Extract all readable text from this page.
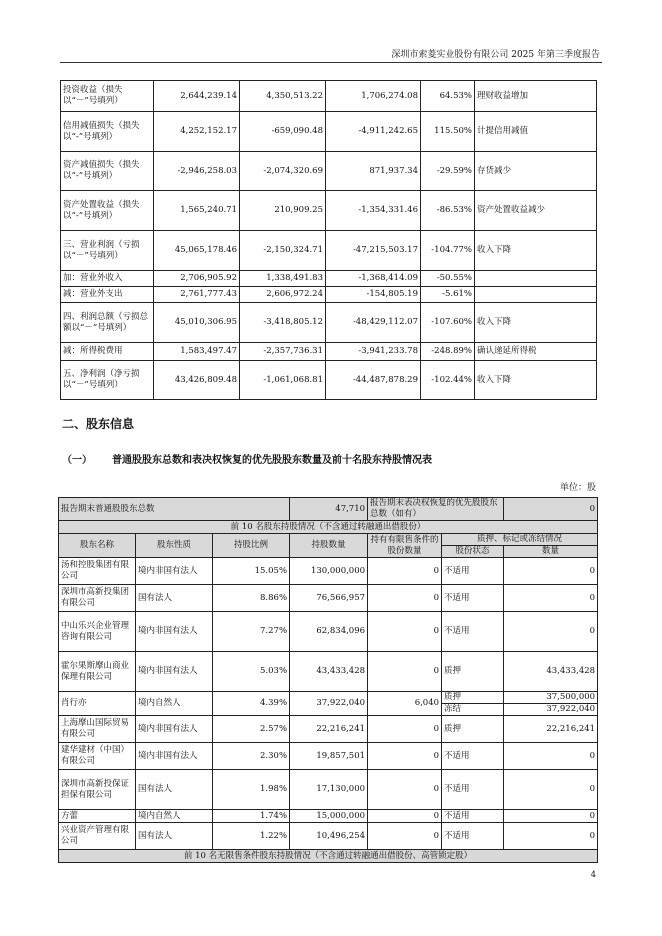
深圳市索菱实业股份有限公司 2025 年第三季度报告
投资收益（损失以“－”号填列）	2,644,239.14	4,350,513.22	1,706,274.08	64.53%	理财收益增加
信用减值损失（损失以“-”号填列）	4,252,152.17	-659,090.48	-4,911,242.65	115.50%	计提信用减值
资产减值损失（损失以“-”号填列）	-2,946,258.03	-2,074,320.69	871,937.34	-29.59%	存货减少
资产处置收益（损失以“-”号填列）	1,565,240.71	210,909.25	-1,354,331.46	-86.53%	资产处置收益减少
三、营业利润（亏损以“－”号填列）	45,065,178.46	-2,150,324.71	-47,215,503.17	-104.77%	收入下降
加：营业外收入	2,706,905.92	1,338,491.83	-1,368,414.09	-50.55%	
减：营业外支出	2,761,777.43	2,606,972.24	-154,805.19	-5.61%	
四、利润总额（亏损总额以“－”号填列）	45,010,306.95	-3,418,805.12	-48,429,112.07	-107.60%	收入下降
减：所得税费用	1,583,497.47	-2,357,736.31	-3,941,233.78	-248.89%	确认递延所得税
五、净利润（净亏损以“－”号填列）	43,426,809.48	-1,061,068.81	-44,487,878.29	-102.44%	收入下降
二、股东信息
（一） 普通股股东总数和表决权恢复的优先股股东数量及前十名股东持股情况表
单位：股
报告期末普通股股东总数			47,710	报告期末表决权恢复的优先股股东总数（如有）		0
前 10 名股东持股情况（不含通过转融通出借股份）						
股东名称	股东性质	持股比例	持股数量	持有有限售条件的股份数量	质押、标记或冻结情况	
					股份状态	数量
汤和控股集团有限公司	境内非国有法人	15.05%	130,000,000	0	不适用	0
深圳市高新投集团有限公司	国有法人	8.86%	76,566,957	0	不适用	0
中山乐兴企业管理咨询有限公司	境内非国有法人	7.27%	62,834,096	0	不适用	0
霍尔果斯摩山商业保理有限公司	境内非国有法人	5.03%	43,433,428	0	质押	43,433,428
肖行亦	境内自然人	4.39%	37,922,040	6,040	质押	37,500,000
					冻结	37,922,040
上海摩山国际贸易有限公司	境内非国有法人	2.57%	22,216,241	0	质押	22,216,241
建华建材（中国）有限公司	境内非国有法人	2.30%	19,857,501	0	不适用	0
深圳市高新投保证担保有限公司	国有法人	1.98%	17,130,000	0	不适用	0
方蕾	境内自然人	1.74%	15,000,000	0	不适用	0
兴业资产管理有限公司	国有法人	1.22%	10,496,254	0	不适用	0
前 10 名无限售条件股东持股情况（不含通过转融通出借股份、高管锁定股）						
4
